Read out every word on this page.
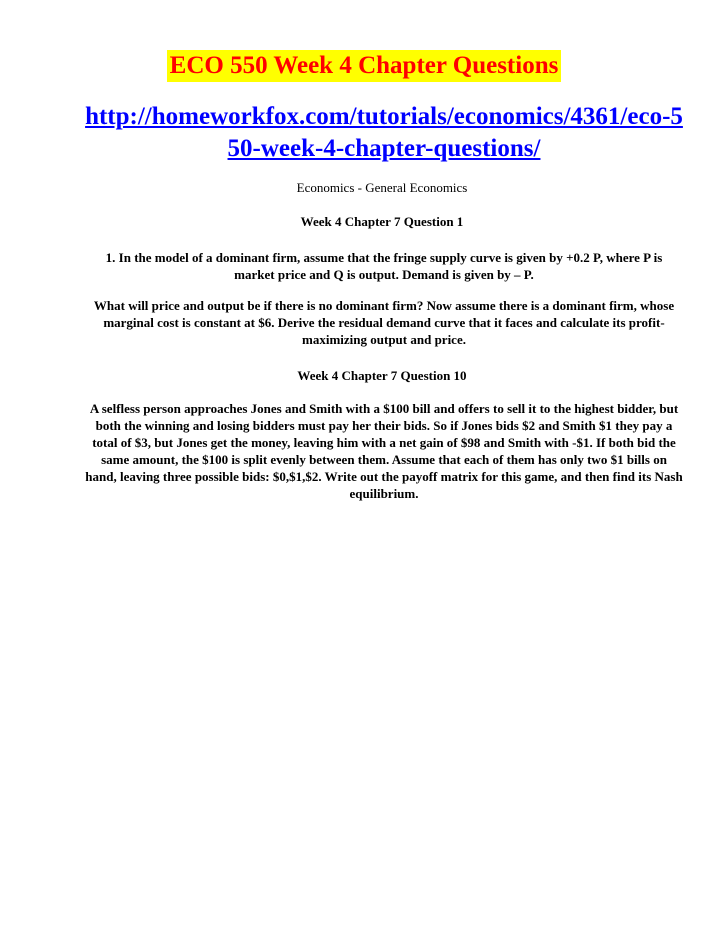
ECO 550 Week 4 Chapter Questions
http://homeworkfox.com/tutorials/economics/4361/eco-550-week-4-chapter-questions/
Economics - General Economics
Week 4 Chapter 7 Question 1
1. In the model of a dominant firm, assume that the fringe supply curve is given by +0.2 P, where P is market price and Q is output. Demand is given by – P.
What will price and output be if there is no dominant firm? Now assume there is a dominant firm, whose marginal cost is constant at $6. Derive the residual demand curve that it faces and calculate its profit-maximizing output and price.
Week 4 Chapter 7 Question 10
A selfless person approaches Jones and Smith with a $100 bill and offers to sell it to the highest bidder, but both the winning and losing bidders must pay her their bids. So if Jones bids $2 and Smith $1 they pay a total of $3, but Jones get the money, leaving him with a net gain of $98 and Smith with -$1. If both bid the same amount, the $100 is split evenly between them. Assume that each of them has only two $1 bills on hand, leaving three possible bids: $0,$1,$2. Write out the payoff matrix for this game, and then find its Nash equilibrium.
